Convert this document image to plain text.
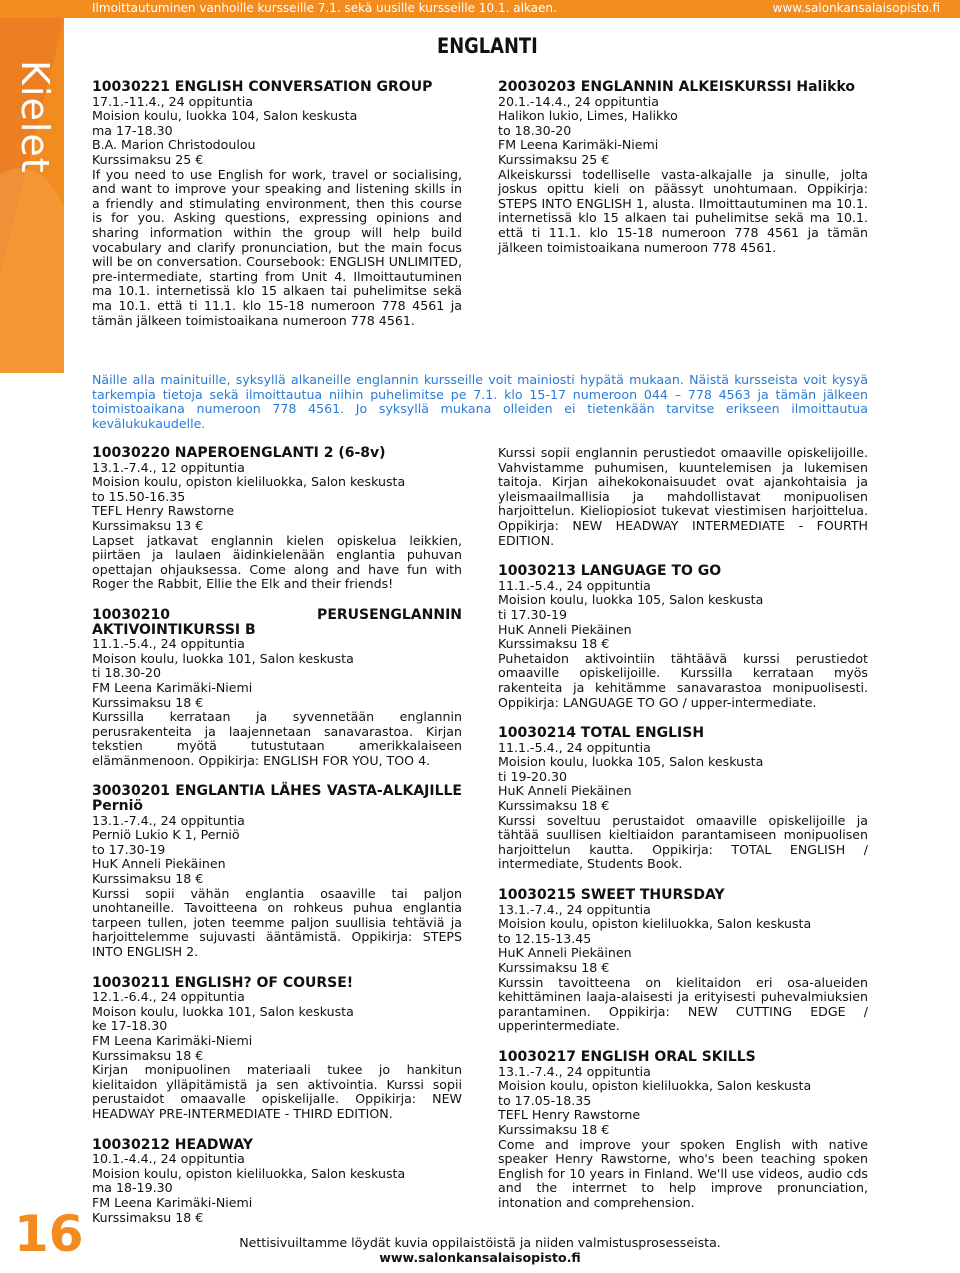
Ilmoittautuminen vanhoille kursseille 7.1. sekä uusille kursseille 10.1. alkaen.	www.salonkansalaisopisto.fi
Kielet
ENGLANTI

10030221 ENGLISH CONVERSATION GROUP

17.1.-11.4., 24 oppituntia

Moision koulu, luokka 104, Salon keskusta

ma 17-18.30

B.A. Marion Christodoulou

Kurssimaksu 25 €

If you need to use English for work, travel or socialising, and want to improve your speaking and listening skills in a friendly and stimulating environment, then this course is for you. Asking questions, expressing opinions and sharing information within the group will help build vocabulary and clarify pronunciation, but the main focus will be on conversation. Coursebook: ENGLISH UNLIMITED, pre-intermediate, starting from Unit 4. Ilmoittautuminen ma 10.1. internetissä klo 15 alkaen tai puhelimitse sekä ma 10.1. että ti 11.1. klo 15-18 numeroon 778 4561 ja tämän jälkeen toimistoaikana numeroon 778 4561.

20030203 ENGLANNIN ALKEISKURSSI Halikko

20.1.-14.4., 24 oppituntia

Halikon lukio, Limes, Halikko

to 18.30-20

FM Leena Karimäki-Niemi

Kurssimaksu 25 €

Alkeiskurssi todelliselle vasta-alkajalle ja sinulle, jolta joskus opittu kieli on päässyt unohtumaan. Oppikirja: STEPS INTO ENGLISH 1, alusta. Ilmoittautuminen ma 10.1. internetissä klo 15 alkaen tai puhelimitse sekä ma 10.1. että ti 11.1. klo 15-18 numeroon 778 4561 ja tämän jälkeen toimistoaikana numeroon 778 4561.

Näille alla mainituille, syksyllä alkaneille englannin kursseille voit mainiosti hypätä mukaan. Näistä kursseista voit kysyä tarkempia tietoja sekä ilmoittautua niihin puhelimitse pe 7.1. klo 15-17 numeroon 044 – 778 4563 ja tämän jälkeen toimistoaikana numeroon 778 4561. Jo syksyllä mukana olleiden ei tietenkään tarvitse erikseen ilmoittautua kevälukukaudelle.

10030220 NAPEROENGLANTI 2 (6-8v)

13.1.-7.4., 12 oppituntia

Moision koulu, opiston kieliluokka, Salon keskusta

to 15.50-16.35

TEFL Henry Rawstorne

Kurssimaksu 13 €

Lapset jatkavat englannin kielen opiskelua leikkien, piirtäen ja laulaen äidinkielenään englantia puhuvan opettajan ohjauksessa. Come along and have fun with Roger the Rabbit, Ellie the Elk and their friends!

10030210 PERUSENGLANNIN AKTIVOINTIKURSSI B

11.1.-5.4., 24 oppituntia

Moison koulu, luokka 101, Salon keskusta

ti 18.30-20

FM Leena Karimäki-Niemi

Kurssimaksu 18 €

Kurssilla kerrataan ja syvennetään englannin perusrakenteita ja laajennetaan sanavarastoa. Kirjan tekstien myötä tutustutaan amerikkalaiseen elämänmenoon. Oppikirja: ENGLISH FOR YOU, TOO 4.

30030201 ENGLANTIA LÄHES VASTA-ALKAJILLE Perniö

13.1.-7.4., 24 oppituntia

Perniö Lukio K 1, Perniö

to 17.30-19

HuK Anneli Piekäinen

Kurssimaksu 18 €

Kurssi sopii vähän englantia osaaville tai paljon unohtaneille. Tavoitteena on rohkeus puhua englantia tarpeen tullen, joten teemme paljon suullisia tehtäviä ja harjoittelemme sujuvasti ääntämistä. Oppikirja: STEPS INTO ENGLISH 2.

10030211 ENGLISH? OF COURSE!

12.1.-6.4., 24 oppituntia

Moison koulu, luokka 101, Salon keskusta

ke 17-18.30

FM Leena Karimäki-Niemi

Kurssimaksu 18 €

Kirjan monipuolinen materiaali tukee jo hankitun kielitaidon ylläpitämistä ja sen aktivointia. Kurssi sopii perustaidot omaavalle opiskelijalle. Oppikirja: NEW HEADWAY PRE-INTERMEDIATE - THIRD EDITION.

10030212 HEADWAY

10.1.-4.4., 24 oppituntia

Moision koulu, opiston kieliluokka, Salon keskusta

ma 18-19.30

FM Leena Karimäki-Niemi

Kurssimaksu 18 €

Kurssi sopii englannin perustiedot omaaville opiskelijoille. Vahvistamme puhumisen, kuuntelemisen ja lukemisen taitoja. Kirjan aihekokonaisuudet ovat ajankohtaisia ja yleismaailmallisia ja mahdollistavat monipuolisen harjoittelun. Kieliopiosiot tukevat viestimisen harjoittelua. Oppikirja: NEW HEADWAY INTERMEDIATE - FOURTH EDITION.

10030213 LANGUAGE TO GO

11.1.-5.4., 24 oppituntia

Moision koulu, luokka 105, Salon keskusta

ti 17.30-19

HuK Anneli Piekäinen

Kurssimaksu 18 €

Puhetaidon aktivointiin tähtäävä kurssi perustiedot omaaville opiskelijoille. Kurssilla kerrataan myös rakenteita ja kehitämme sanavarastoa monipuolisesti. Oppikirja: LANGUAGE TO GO / upper-intermediate.

10030214 TOTAL ENGLISH

11.1.-5.4., 24 oppituntia

Moision koulu, luokka 105, Salon keskusta

ti 19-20.30

HuK Anneli Piekäinen

Kurssimaksu 18 €

Kurssi soveltuu perustaidot omaaville opiskelijoille ja tähtää suullisen kieltiaidon parantamiseen monipuolisen harjoittelun kautta. Oppikirja: TOTAL ENGLISH / intermediate, Students Book.

10030215 SWEET THURSDAY

13.1.-7.4., 24 oppituntia

Moision koulu, opiston kieliluokka, Salon keskusta

to 12.15-13.45

HuK Anneli Piekäinen

Kurssimaksu 18 €

Kurssin tavoitteena on kielitaidon eri osa-alueiden kehittäminen laaja-alaisesti ja erityisesti puhevalmiuksien parantaminen. Oppikirja: NEW CUTTING EDGE / upperintermediate.

10030217 ENGLISH ORAL SKILLS

13.1.-7.4., 24 oppituntia

Moision koulu, opiston kieliluokka, Salon keskusta

to 17.05-18.35

TEFL Henry Rawstorne

Kurssimaksu 18 €

Come and improve your spoken English with native speaker Henry Rawstorne, who's been teaching spoken English for 10 years in Finland. We'll use videos, audio cds and the interrnet to help improve pronunciation, intonation and comprehension.

16	Nettisivuiltamme löydät kuvia oppilaistöistä ja niiden valmistusprosesseista.
www.salonkansalaisopisto.fi
